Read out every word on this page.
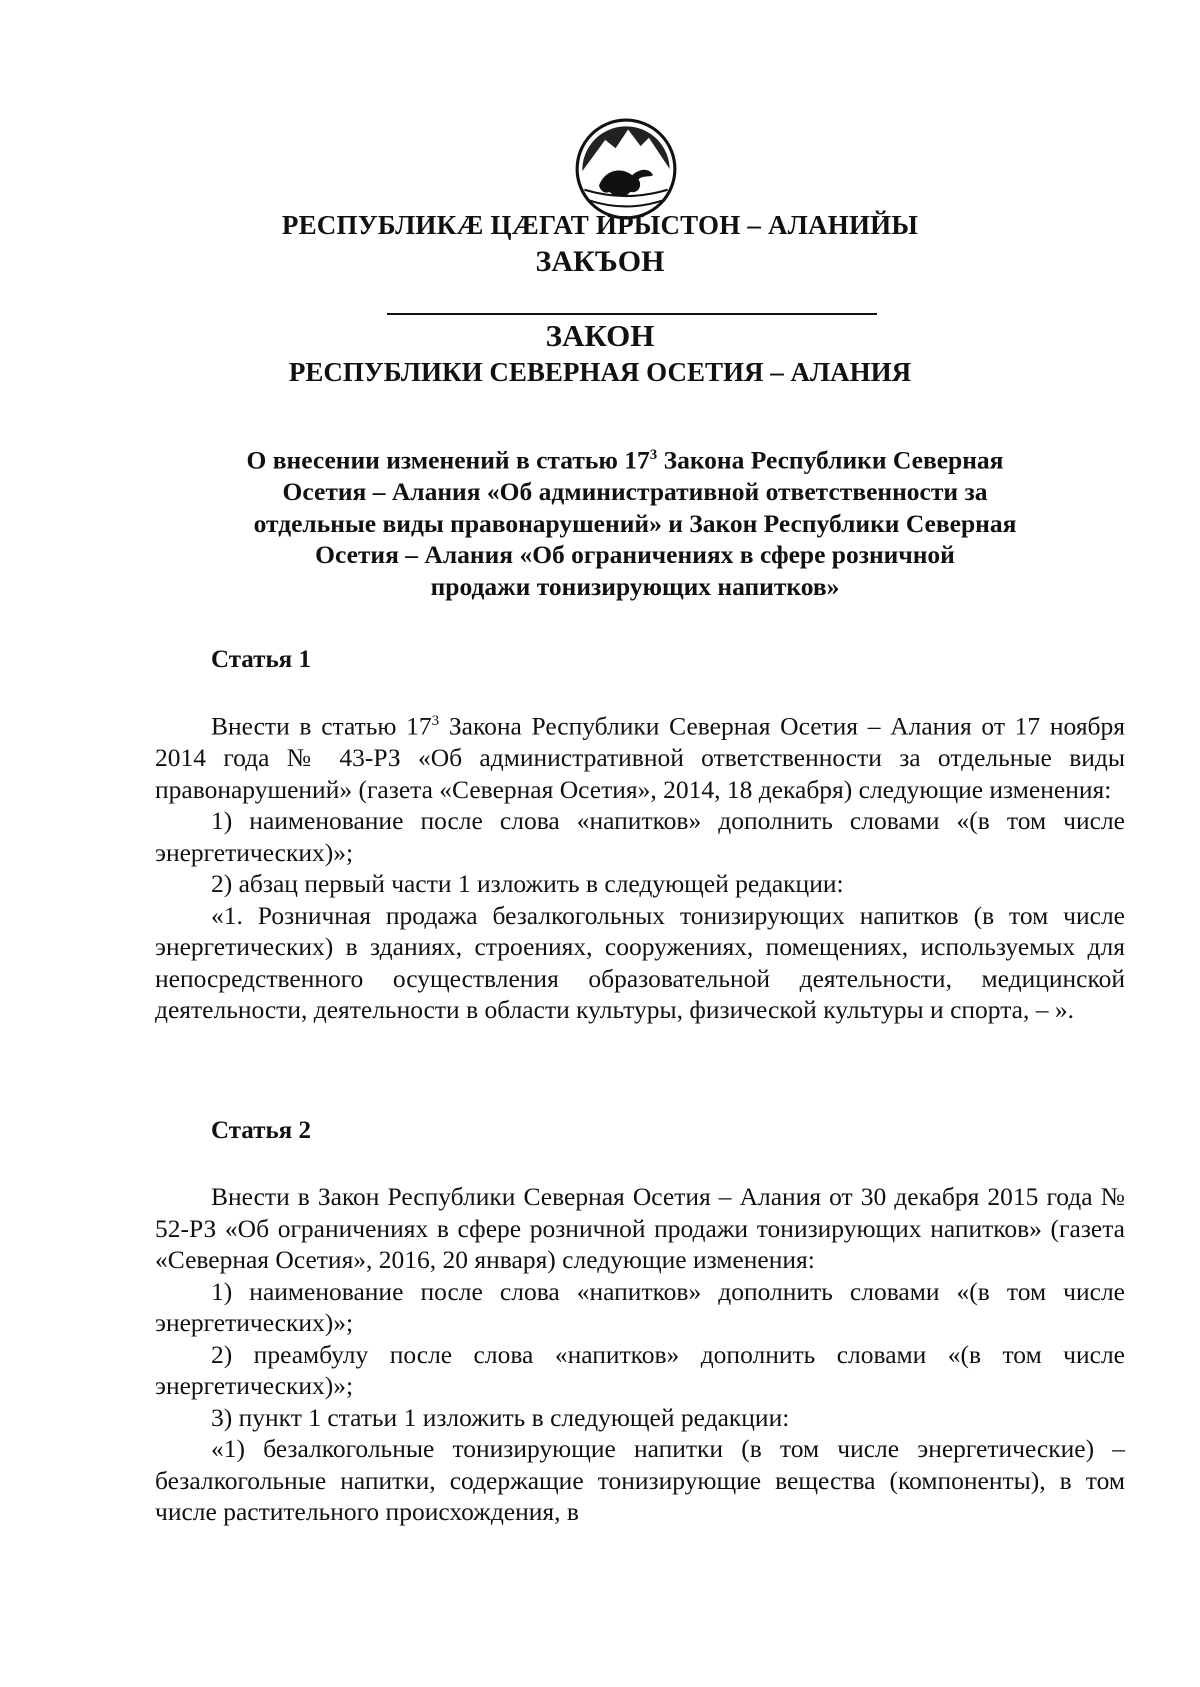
РЕСПУБЛИКÆ ЦÆГАТ ИРЫСТОН – АЛАНИЙЫ
ЗАКЪОН
ЗАКОН
РЕСПУБЛИКИ СЕВЕРНАЯ ОСЕТИЯ – АЛАНИЯ
О внесении изменений в статью $17^3$ Закона Республики Северная
Осетия – Алания «Об административной ответственности за
отдельные виды правонарушений» и Закон Республики Северная
Осетия – Алания «Об ограничениях в сфере розничной
продажи тонизирующих напитков»
Статья 1

Внести в статью $17^3$ Закона Республики Северная Осетия – Алания от 17 ноября 2014 года № 43-РЗ «Об административной ответственности за отдельные виды правонарушений» (газета «Северная Осетия», 2014, 18 декабря) следующие изменения:

1) наименование после слова «напитков» дополнить словами «(в том числе энергетических)»;

2) абзац первый части 1 изложить в следующей редакции:

«1. Розничная продажа безалкогольных тонизирующих напитков (в том числе энергетических) в зданиях, строениях, сооружениях, помещениях, используемых для непосредственного осуществления образовательной деятельности, медицинской деятельности, деятельности в области культуры, физической культуры и спорта, – ».

Статья 2

Внести в Закон Республики Северная Осетия – Алания от 30 декабря 2015 года № 52-РЗ «Об ограничениях в сфере розничной продажи тонизирующих напитков» (газета «Северная Осетия», 2016, 20 января) следующие изменения:

1) наименование после слова «напитков» дополнить словами «(в том числе энергетических)»;

2) преамбулу после слова «напитков» дополнить словами «(в том числе энергетических)»;

3) пункт 1 статьи 1 изложить в следующей редакции:

«1) безалкогольные тонизирующие напитки (в том числе энергетические) – безалкогольные напитки, содержащие тонизирующие вещества (компоненты), в том числе растительного происхождения, в
